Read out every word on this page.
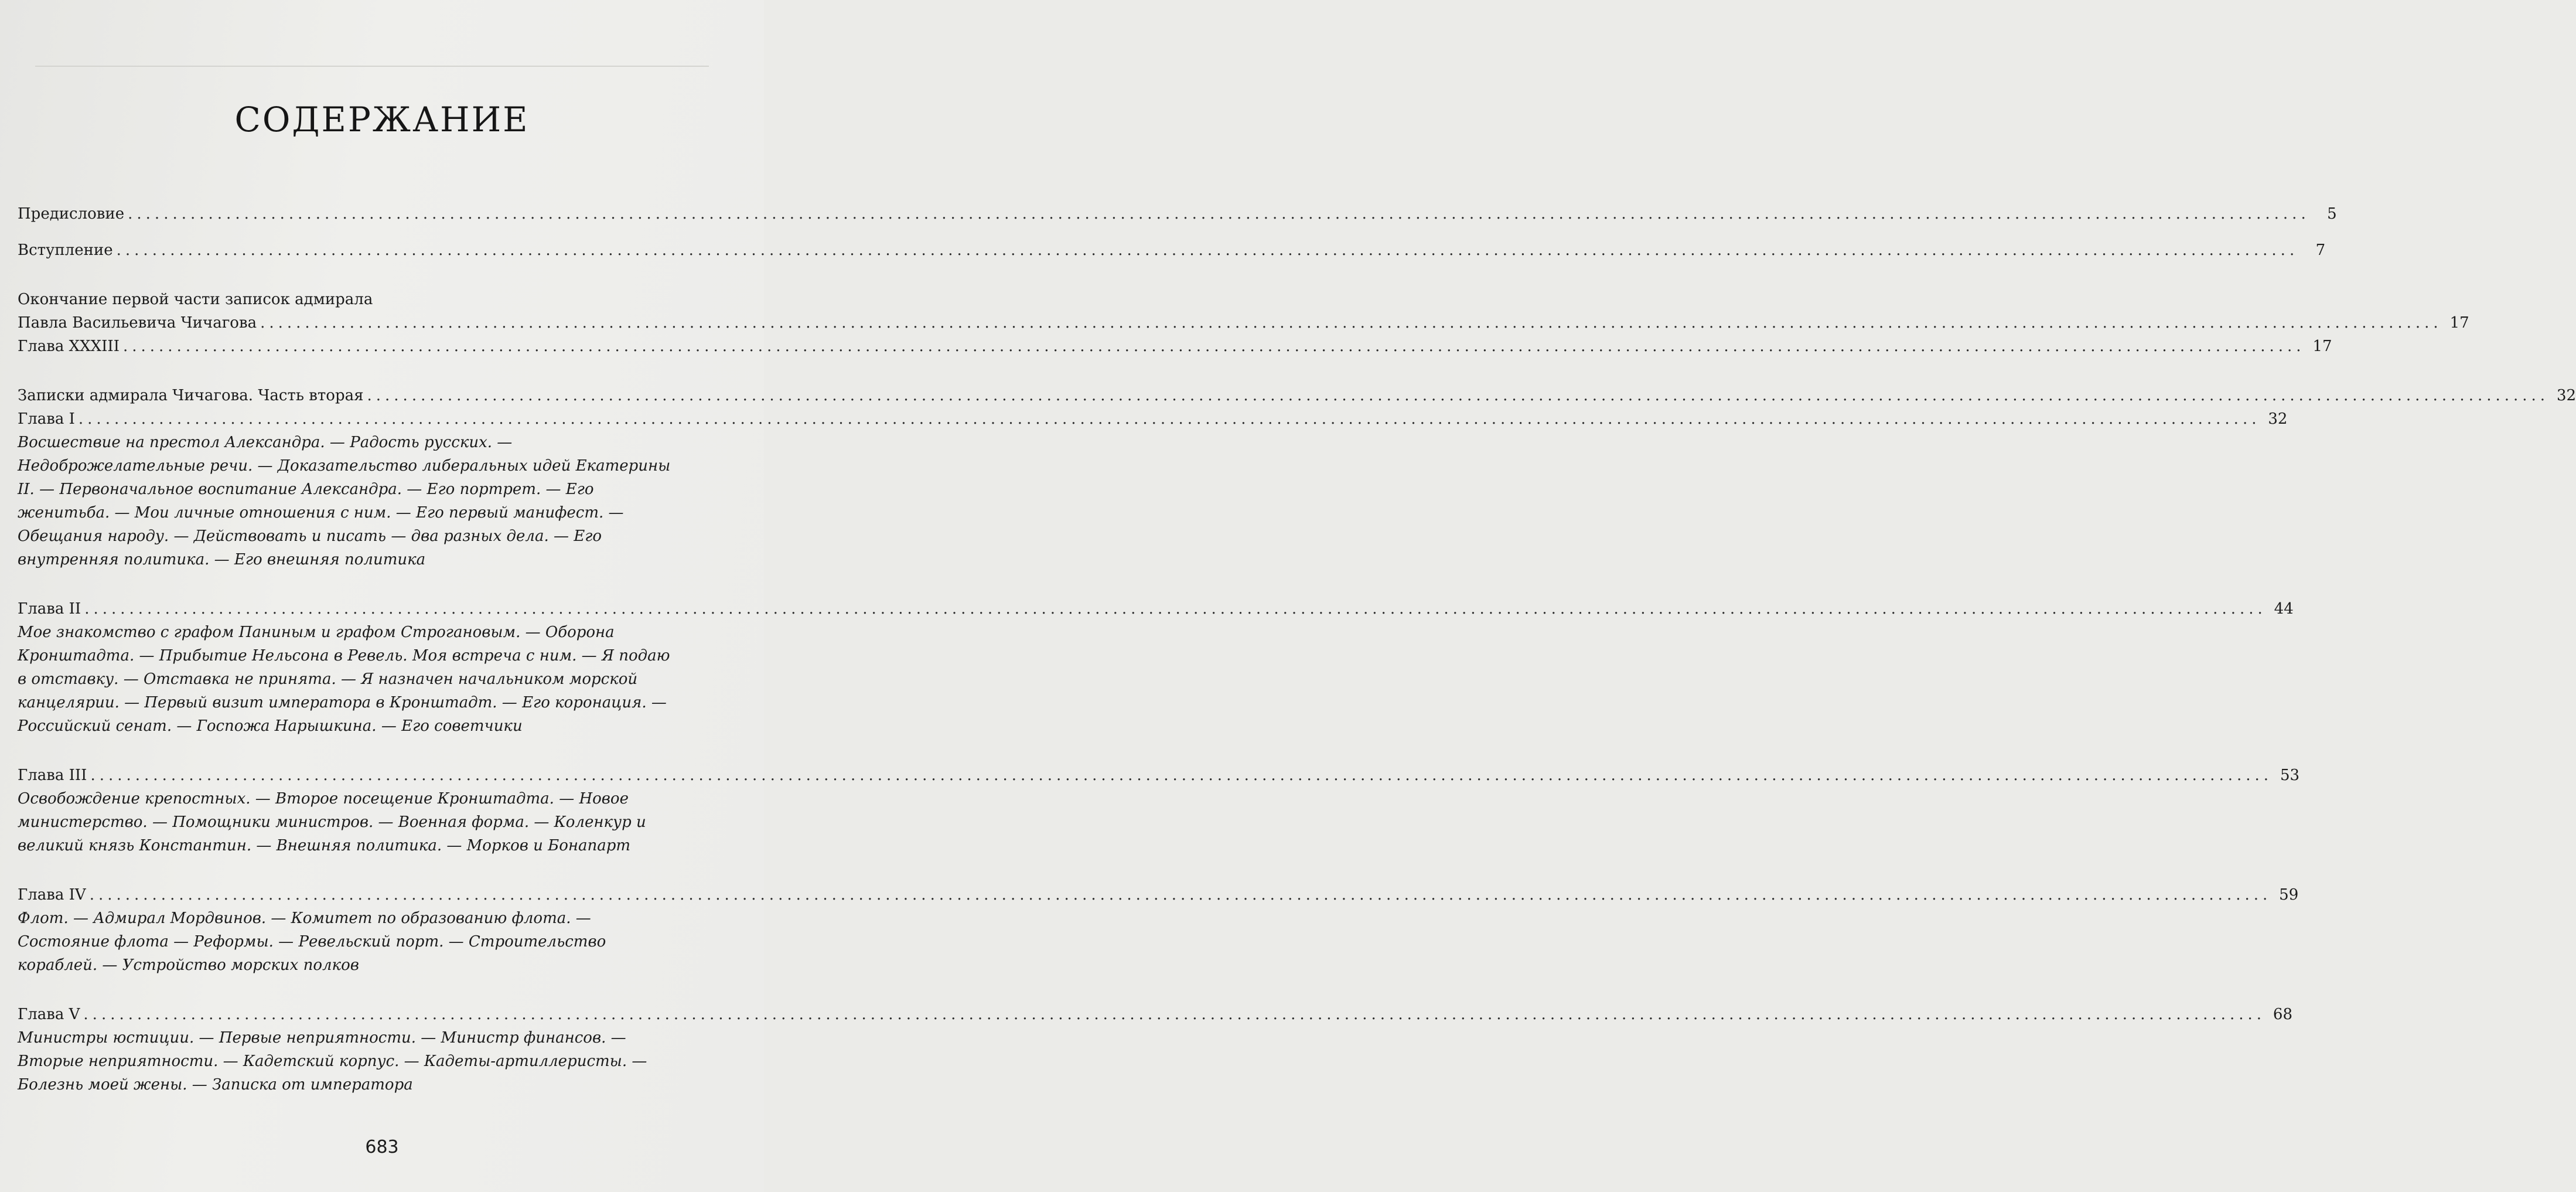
СОДЕРЖАНИЕ
Предисловие ....................................................................................................................................................................................................................................................	5
Вступление ....................................................................................................................................................................................................................................................	7
Окончание первой части записок адмирала
Павла Васильевича Чичагова .................................................................................................................................................................................................................................................... 17
Глава XXXIII .................................................................................................................................................................................................................................................... 17
Записки адмирала Чичагова. Часть вторая .................................................................................................................................................................................................................................................... 32
Глава I .................................................................................................................................................................................................................................................... 32

Восшествие на престол Александра. — Радость русских. — Недоброжелательные речи. — Доказательство либеральных идей Екатерины II. — Первоначальное воспитание Александра. — Его портрет. — Его женитьба. — Мои личные отношения с ним. — Его первый манифест. — Обещания народу. — Действовать и писать — два разных дела. — Его внутренняя политика. — Его внешняя политика

Глава II .................................................................................................................................................................................................................................................... 44

Мое знакомство с графом Паниным и графом Строгановым. — Оборона Кронштадта. — Прибытие Нельсона в Ревель. Моя встреча с ним. — Я подаю в отставку. — Отставка не принята. — Я назначен начальником морской канцелярии. — Первый визит императора в Кронштадт. — Его коронация. — Российский сенат. — Госпожа Нарышкина. — Его советчики

Глава III .................................................................................................................................................................................................................................................... 53

Освобождение крепостных. — Второе посещение Кронштадта. — Новое министерство. — Помощники министров. — Военная форма. — Коленкур и великий князь Константин. — Внешняя политика. — Морков и Бонапарт

Глава IV .................................................................................................................................................................................................................................................... 59

Флот. — Адмирал Мордвинов. — Комитет по образованию флота. — Состояние флота — Реформы. — Ревельский порт. — Строительство кораблей. — Устройство морских полков

Глава V .................................................................................................................................................................................................................................................... 68

Министры юстиции. — Первые неприятности. — Министр финансов. — Вторые неприятности. — Кадетский корпус. — Кадеты-артиллеристы. — Болезнь моей жены. — Записка от императора

683
